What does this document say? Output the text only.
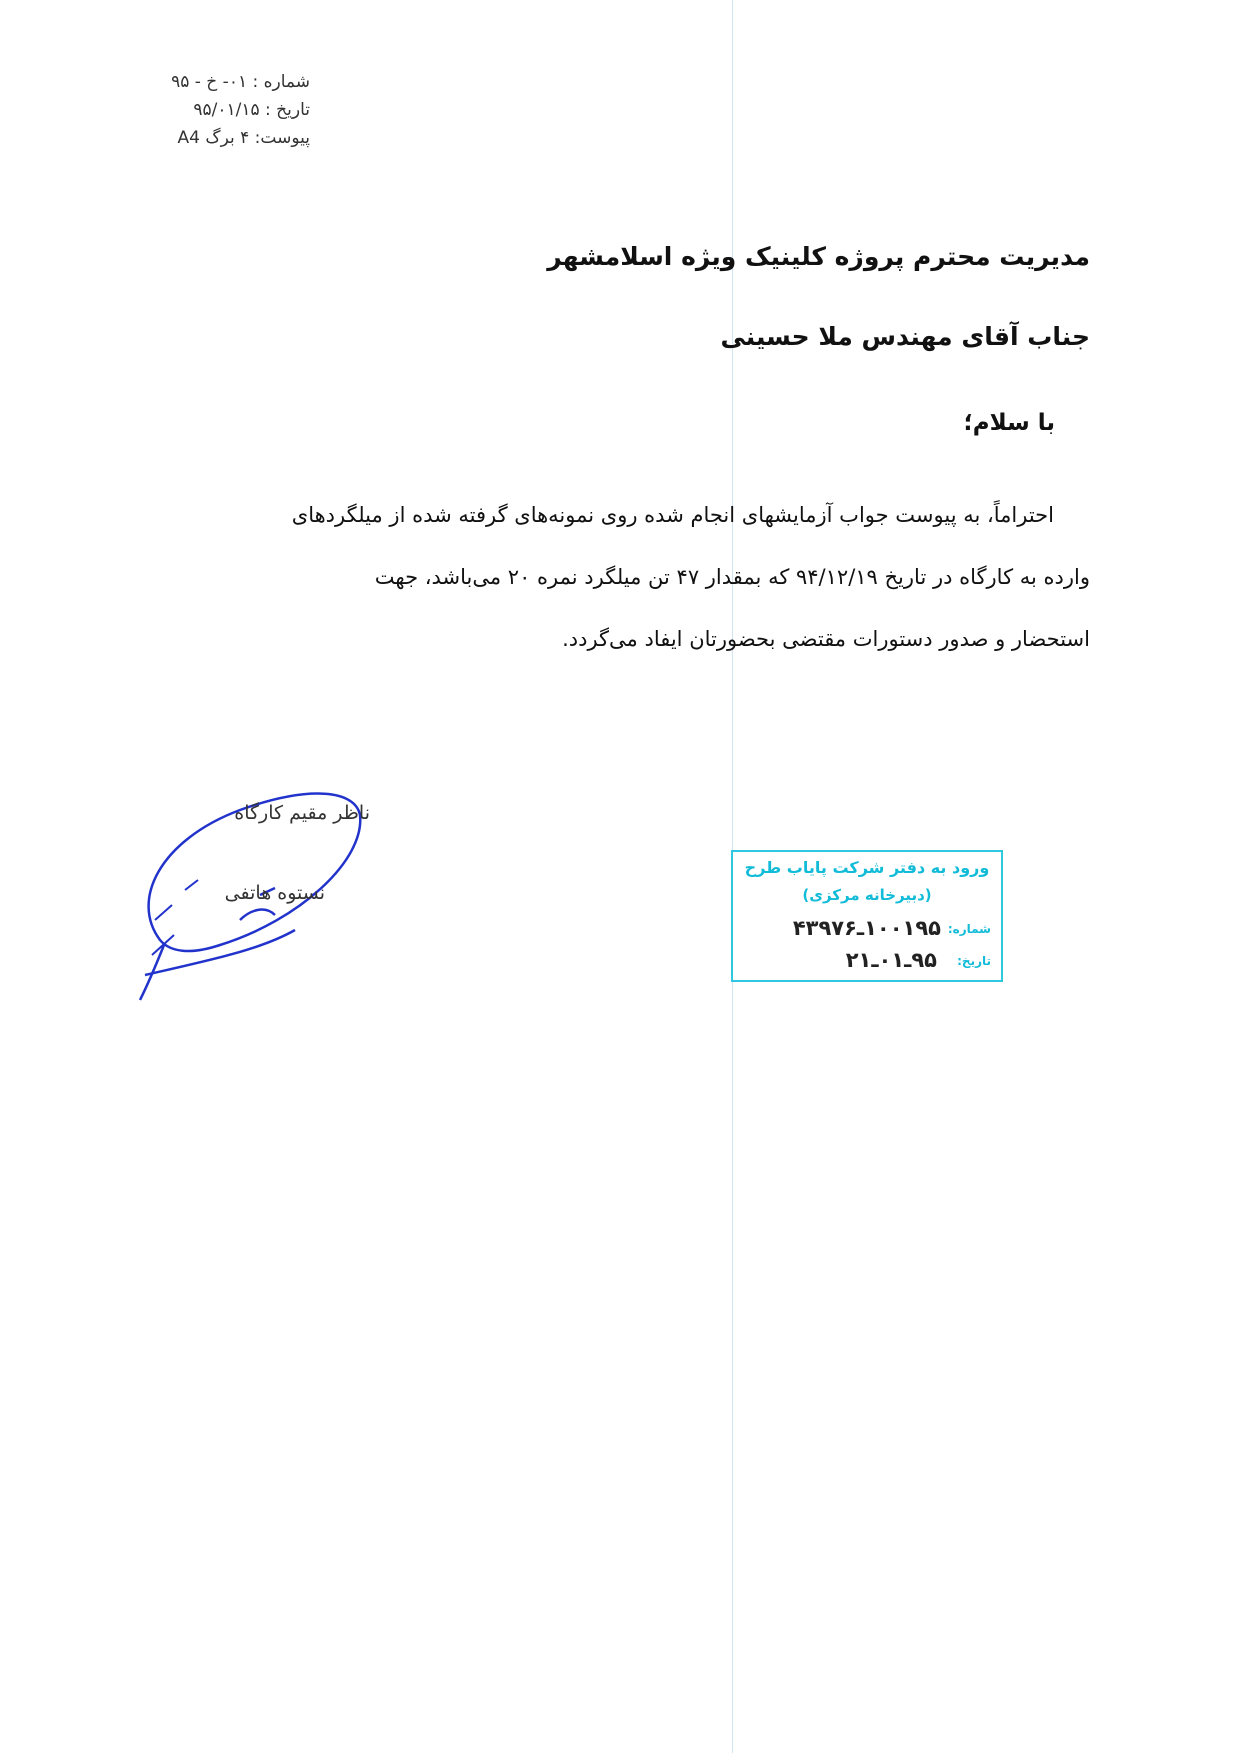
شماره : ۰۱- خ - ۹۵
تاریخ : ۹۵/۰۱/۱۵
پیوست: ۴ برگ A4
مدیریت محترم پروژه کلینیک ویژه اسلامشهر
جناب آقای مهندس ملا حسینی
با سلام؛
احتراماً، به پیوست جواب آزمایشهای انجام شده روی نمونه‌های گرفته شده از میلگردهای
وارده به کارگاه در تاریخ ۹۴/۱۲/۱۹ که بمقدار ۴۷ تن میلگرد نمره ۲۰ می‌باشد، جهت
استحضار و صدور دستورات مقتضی بحضورتان ایفاد می‌گردد.
ناظر مقیم کارگاه
نستوه هاتفی
ورود به دفتر شرکت پایاب طرح
(دبیرخانه مرکزی)
شماره:
۱۰۰۱۹۵ـ۴۳۹۷۶
تاریخ:
۹۵ـ۰۱ـ۲۱
